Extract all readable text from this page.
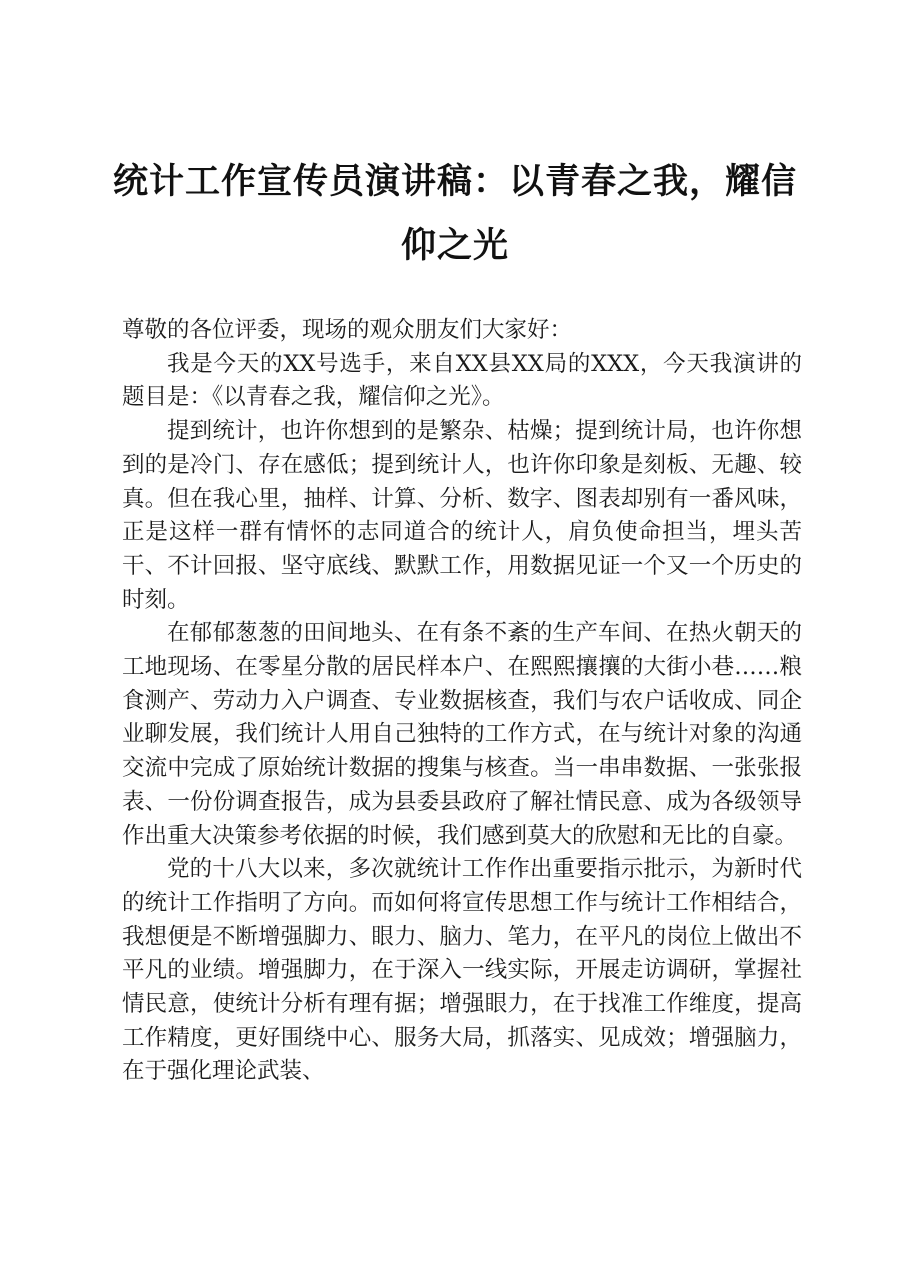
统计工作宣传员演讲稿：以青春之我，耀信仰之光

尊敬的各位评委，现场的观众朋友们大家好：

我是今天的XX号选手，来自XX县XX局的XXX，今天我演讲的题目是：《以青春之我，耀信仰之光》。

提到统计，也许你想到的是繁杂、枯燥；提到统计局，也许你想到的是冷门、存在感低；提到统计人，也许你印象是刻板、无趣、较真。但在我心里，抽样、计算、分析、数字、图表却别有一番风味，正是这样一群有情怀的志同道合的统计人，肩负使命担当，埋头苦干、不计回报、坚守底线、默默工作，用数据见证一个又一个历史的时刻。

在郁郁葱葱的田间地头、在有条不紊的生产车间、在热火朝天的工地现场、在零星分散的居民样本户、在熙熙攘攘的大街小巷……粮食测产、劳动力入户调查、专业数据核查，我们与农户话收成、同企业聊发展，我们统计人用自己独特的工作方式，在与统计对象的沟通交流中完成了原始统计数据的搜集与核查。当一串串数据、一张张报表、一份份调查报告，成为县委县政府了解社情民意、成为各级领导作出重大决策参考依据的时候，我们感到莫大的欣慰和无比的自豪。

党的十八大以来，多次就统计工作作出重要指示批示，为新时代的统计工作指明了方向。而如何将宣传思想工作与统计工作相结合，我想便是不断增强脚力、眼力、脑力、笔力，在平凡的岗位上做出不平凡的业绩。增强脚力，在于深入一线实际，开展走访调研，掌握社情民意，使统计分析有理有据；增强眼力，在于找准工作维度，提高工作精度，更好围绕中心、服务大局，抓落实、见成效；增强脑力，在于强化理论武装、
